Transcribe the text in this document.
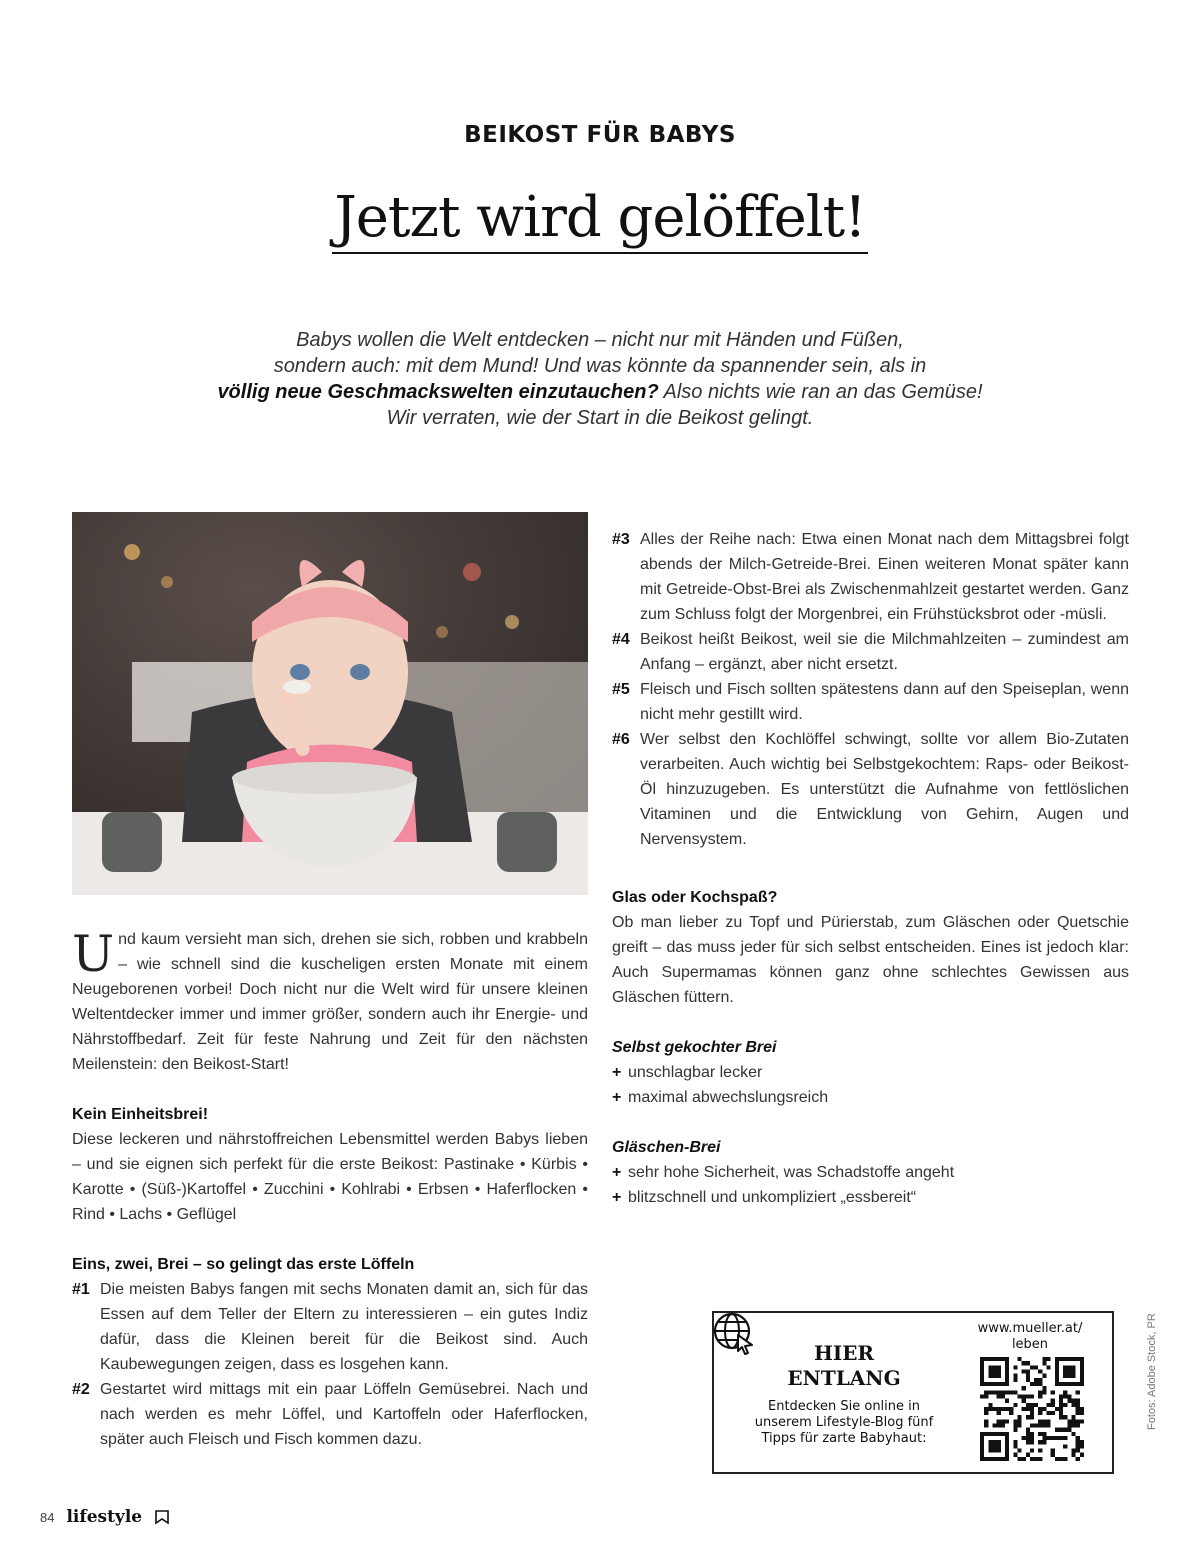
BEIKOST FÜR BABYS
Jetzt wird gelöffelt!
Babys wollen die Welt entdecken – nicht nur mit Händen und Füßen,
sondern auch: mit dem Mund! Und was könnte da spannender sein, als in
völlig neue Geschmackswelten einzutauchen? Also nichts wie ran an das Gemüse!
Wir verraten, wie der Start in die Beikost gelingt.

Und kaum versieht man sich, drehen sie sich, robben und krabbeln – wie schnell sind die kuscheligen ersten Monate mit einem Neugeborenen vorbei! Doch nicht nur die Welt wird für unsere kleinen Weltentdecker immer und immer größer, sondern auch ihr Energie- und Nährstoffbedarf. Zeit für feste Nahrung und Zeit für den nächsten Meilenstein: den Beikost-Start!

Kein Einheitsbrei!

Diese leckeren und nährstoffreichen Lebensmittel werden Babys lieben – und sie eignen sich perfekt für die erste Beikost: Pastinake • Kürbis • Karotte • (Süß-)Kartoffel • Zucchini • Kohlrabi • Erbsen • Haferflocken • Rind • Lachs • Geflügel

Eins, zwei, Brei – so gelingt das erste Löffeln

#1 Die meisten Babys fangen mit sechs Monaten damit an, sich für das Essen auf dem Teller der Eltern zu interessieren – ein gutes Indiz dafür, dass die Kleinen bereit für die Beikost sind. Auch Kaubewegungen zeigen, dass es losgehen kann.
#2 Gestartet wird mittags mit ein paar Löffeln Gemüsebrei. Nach und nach werden es mehr Löffel, und Kartoffeln oder Haferflocken, später auch Fleisch und Fisch kommen dazu.
#3 Alles der Reihe nach: Etwa einen Monat nach dem Mittagsbrei folgt abends der Milch-Getreide-Brei. Einen weiteren Monat später kann mit Getreide-Obst-Brei als Zwischenmahlzeit gestartet werden. Ganz zum Schluss folgt der Morgenbrei, ein Frühstücksbrot oder -müsli.
#4 Beikost heißt Beikost, weil sie die Milchmahlzeiten – zumindest am Anfang – ergänzt, aber nicht ersetzt.
#5 Fleisch und Fisch sollten spätestens dann auf den Speiseplan, wenn nicht mehr gestillt wird.
#6 Wer selbst den Kochlöffel schwingt, sollte vor allem Bio-Zutaten verarbeiten. Auch wichtig bei Selbstgekochtem: Raps- oder Beikost-Öl hinzuzugeben. Es unterstützt die Aufnahme von fettlöslichen Vitaminen und die Entwicklung von Gehirn, Augen und Nervensystem.

Glas oder Kochspaß?

Ob man lieber zu Topf und Pürierstab, zum Gläschen oder Quetschie greift – das muss jeder für sich selbst entscheiden. Eines ist jedoch klar: Auch Supermamas können ganz ohne schlechtes Gewissen aus Gläschen füttern.

Selbst gekochter Brei

+ unschlagbar lecker
+ maximal abwechslungsreich

Gläschen-Brei

+ sehr hohe Sicherheit, was Schadstoffe angeht
+ blitzschnell und unkompliziert „essbereit“
HIER
ENTLANG
Entdecken Sie online in unserem Lifestyle-Blog fünf Tipps für zarte Babyhaut:
www.mueller.at/
leben	Fotos: Adobe Stock, PR
84 lifestyle
